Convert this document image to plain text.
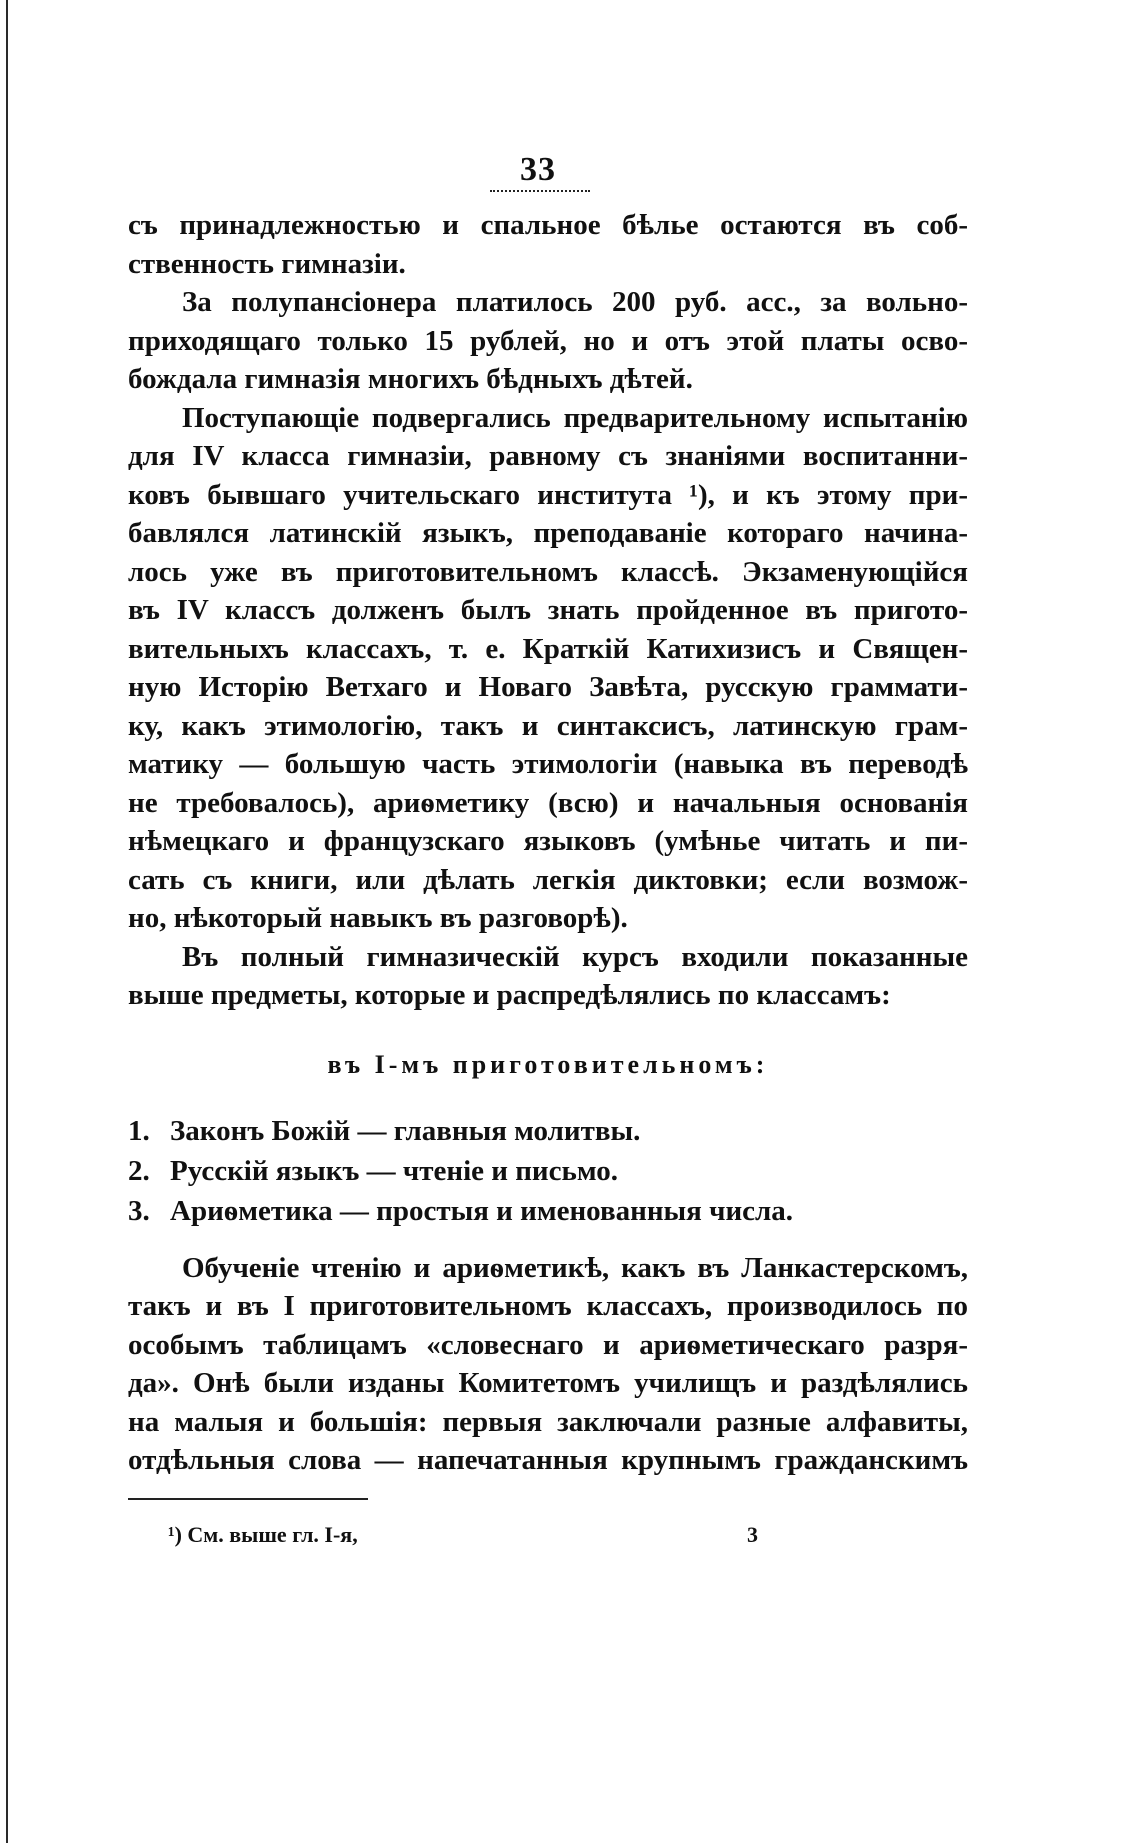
33

съ принадлежностью и спальное бѣлье остаются въ соб-
ственность гимназіи.

За полупансіонера платилось 200 руб. асс., за вольно-
приходящаго только 15 рублей, но и отъ этой платы осво-
бождала гимназія многихъ бѣдныхъ дѣтей.

Поступающіе подвергались предварительному испытанію
для IV класса гимназіи, равному съ знаніями воспитанни-
ковъ бывшаго учительскаго института ¹), и къ этому при-
бавлялся латинскій языкъ, преподаваніе котораго начина-
лось уже въ приготовительномъ классѣ. Экзаменующійся
въ IV классъ долженъ былъ знать пройденное въ пригото-
вительныхъ классахъ, т. е. Краткій Катихизисъ и Священ-
ную Исторію Ветхаго и Новаго Завѣта, русскую граммати-
ку, какъ этимологію, такъ и синтаксисъ, латинскую грам-
матику — большую часть этимологіи (навыка въ переводѣ
не требовалось), ариѳметику (всю) и начальныя основанія
нѣмецкаго и французскаго языковъ (умѣнье читать и пи-
сать съ книги, или дѣлать легкія диктовки; если возмож-
но, нѣкоторый навыкъ въ разговорѣ).

Въ полный гимназическій курсъ входили показанные
выше предметы, которые и распредѣлялись по классамъ:

въ І-мъ приготовительномъ:
1. Законъ Божій — главныя молитвы.
2. Русскій языкъ — чтеніе и письмо.
3. Ариѳметика — простыя и именованныя числа.

Обученіе чтенію и ариѳметикѣ, какъ въ Ланкастерскомъ,
такъ и въ І приготовительномъ классахъ, производилось по
особымъ таблицамъ «словеснаго и ариѳметическаго разря-
да». Онѣ были изданы Комитетомъ училищъ и раздѣлялись
на малыя и большія: первыя заключали разные алфавиты,
отдѣльныя слова — напечатанныя крупнымъ гражданскимъ

¹) См. выше гл. І-я,	3
